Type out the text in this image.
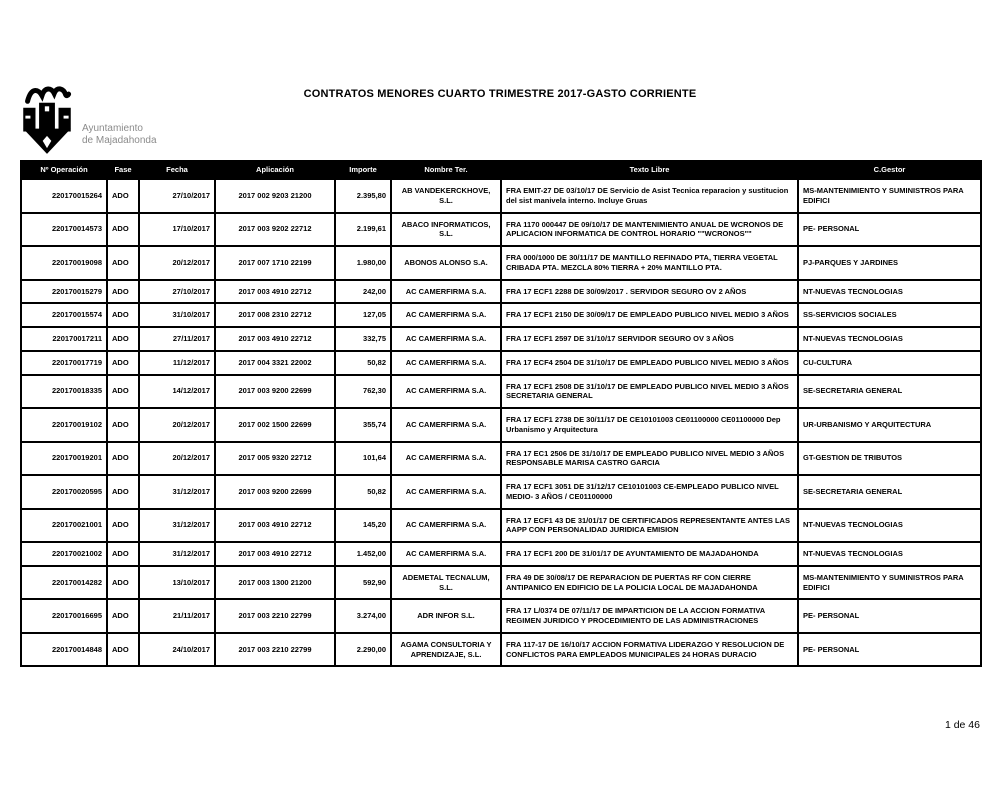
Ayuntamiento
de Majadahonda
CONTRATOS MENORES CUARTO TRIMESTRE 2017-GASTO CORRIENTE
Nº Operación	Fase	Fecha	Aplicación	Importe	Nombre Ter.	Texto Libre	C.Gestor
220170015264	ADO	27/10/2017	2017 002 9203 21200	2.395,80	AB VANDEKERCKHOVE, S.L.	FRA EMIT-27 DE 03/10/17 DE Servicio de Asist Tecnica reparacion y sustitucion del sist manivela interno. Incluye Gruas	MS-MANTENIMIENTO Y SUMINISTROS PARA EDIFICI
220170014573	ADO	17/10/2017	2017 003 9202 22712	2.199,61	ABACO INFORMATICOS, S.L.	FRA 1170 000447 DE 09/10/17 DE MANTENIMIENTO ANUAL DE WCRONOS DE APLICACION INFORMATICA DE CONTROL HORARIO ""WCRONOS""	PE- PERSONAL
220170019098	ADO	20/12/2017	2017 007 1710 22199	1.980,00	ABONOS ALONSO S.A.	FRA 000/1000 DE 30/11/17 DE MANTILLO REFINADO PTA, TIERRA VEGETAL CRIBADA PTA. MEZCLA 80% TIERRA + 20% MANTILLO PTA.	PJ-PARQUES Y JARDINES
220170015279	ADO	27/10/2017	2017 003 4910 22712	242,00	AC CAMERFIRMA S.A.	FRA 17 ECF1 2288 DE 30/09/2017 . SERVIDOR SEGURO OV 2 AÑOS	NT-NUEVAS TECNOLOGIAS
220170015574	ADO	31/10/2017	2017 008 2310 22712	127,05	AC CAMERFIRMA S.A.	FRA 17 ECF1 2150 DE 30/09/17 DE EMPLEADO PUBLICO NIVEL MEDIO 3 AÑOS	SS-SERVICIOS SOCIALES
220170017211	ADO	27/11/2017	2017 003 4910 22712	332,75	AC CAMERFIRMA S.A.	FRA 17 ECF1 2597 DE 31/10/17 SERVIDOR SEGURO OV 3 AÑOS	NT-NUEVAS TECNOLOGIAS
220170017719	ADO	11/12/2017	2017 004 3321 22002	50,82	AC CAMERFIRMA S.A.	FRA 17 ECF4 2504 DE 31/10/17 DE EMPLEADO PUBLICO NIVEL MEDIO 3 AÑOS	CU-CULTURA
220170018335	ADO	14/12/2017	2017 003 9200 22699	762,30	AC CAMERFIRMA S.A.	FRA 17 ECF1 2508 DE 31/10/17 DE EMPLEADO PUBLICO NIVEL MEDIO 3 AÑOS SECRETARIA GENERAL	SE-SECRETARIA GENERAL
220170019102	ADO	20/12/2017	2017 002 1500 22699	355,74	AC CAMERFIRMA S.A.	FRA 17 ECF1 2738 DE 30/11/17 DE CE10101003 CE01100000 CE01100000 Dep Urbanismo y Arquitectura	UR-URBANISMO Y ARQUITECTURA
220170019201	ADO	20/12/2017	2017 005 9320 22712	101,64	AC CAMERFIRMA S.A.	FRA 17 EC1 2506 DE 31/10/17 DE EMPLEADO PUBLICO NIVEL MEDIO 3 AÑOS RESPONSABLE MARISA CASTRO GARCIA	GT-GESTION DE TRIBUTOS
220170020595	ADO	31/12/2017	2017 003 9200 22699	50,82	AC CAMERFIRMA S.A.	FRA 17 ECF1 3051 DE 31/12/17 CE10101003 CE-EMPLEADO PUBLICO NIVEL MEDIO- 3 AÑOS / CE01100000	SE-SECRETARIA GENERAL
220170021001	ADO	31/12/2017	2017 003 4910 22712	145,20	AC CAMERFIRMA S.A.	FRA 17 ECF1 43 DE 31/01/17 DE CERTIFICADOS REPRESENTANTE ANTES LAS AAPP CON PERSONALIDAD JURIDICA EMISION	NT-NUEVAS TECNOLOGIAS
220170021002	ADO	31/12/2017	2017 003 4910 22712	1.452,00	AC CAMERFIRMA S.A.	FRA 17 ECF1 200 DE 31/01/17 DE AYUNTAMIENTO DE MAJADAHONDA	NT-NUEVAS TECNOLOGIAS
220170014282	ADO	13/10/2017	2017 003 1300 21200	592,90	ADEMETAL TECNALUM, S.L.	FRA 49 DE 30/08/17 DE REPARACION DE PUERTAS RF CON CIERRE ANTIPANICO EN EDIFICIO DE LA POLICIA LOCAL DE MAJADAHONDA	MS-MANTENIMIENTO Y SUMINISTROS PARA EDIFICI
220170016695	ADO	21/11/2017	2017 003 2210 22799	3.274,00	ADR INFOR S.L.	FRA 17 L/0374 DE 07/11/17 DE IMPARTICION DE LA ACCION FORMATIVA REGIMEN JURIDICO Y PROCEDIMIENTO DE LAS ADMINISTRACIONES	PE- PERSONAL
220170014848	ADO	24/10/2017	2017 003 2210 22799	2.290,00	AGAMA CONSULTORIA Y APRENDIZAJE, S.L.	FRA 117-17 DE 16/10/17 ACCION FORMATIVA LIDERAZGO Y RESOLUCION DE CONFLICTOS PARA EMPLEADOS MUNICIPALES 24 HORAS DURACIO	PE- PERSONAL
1 de 46
